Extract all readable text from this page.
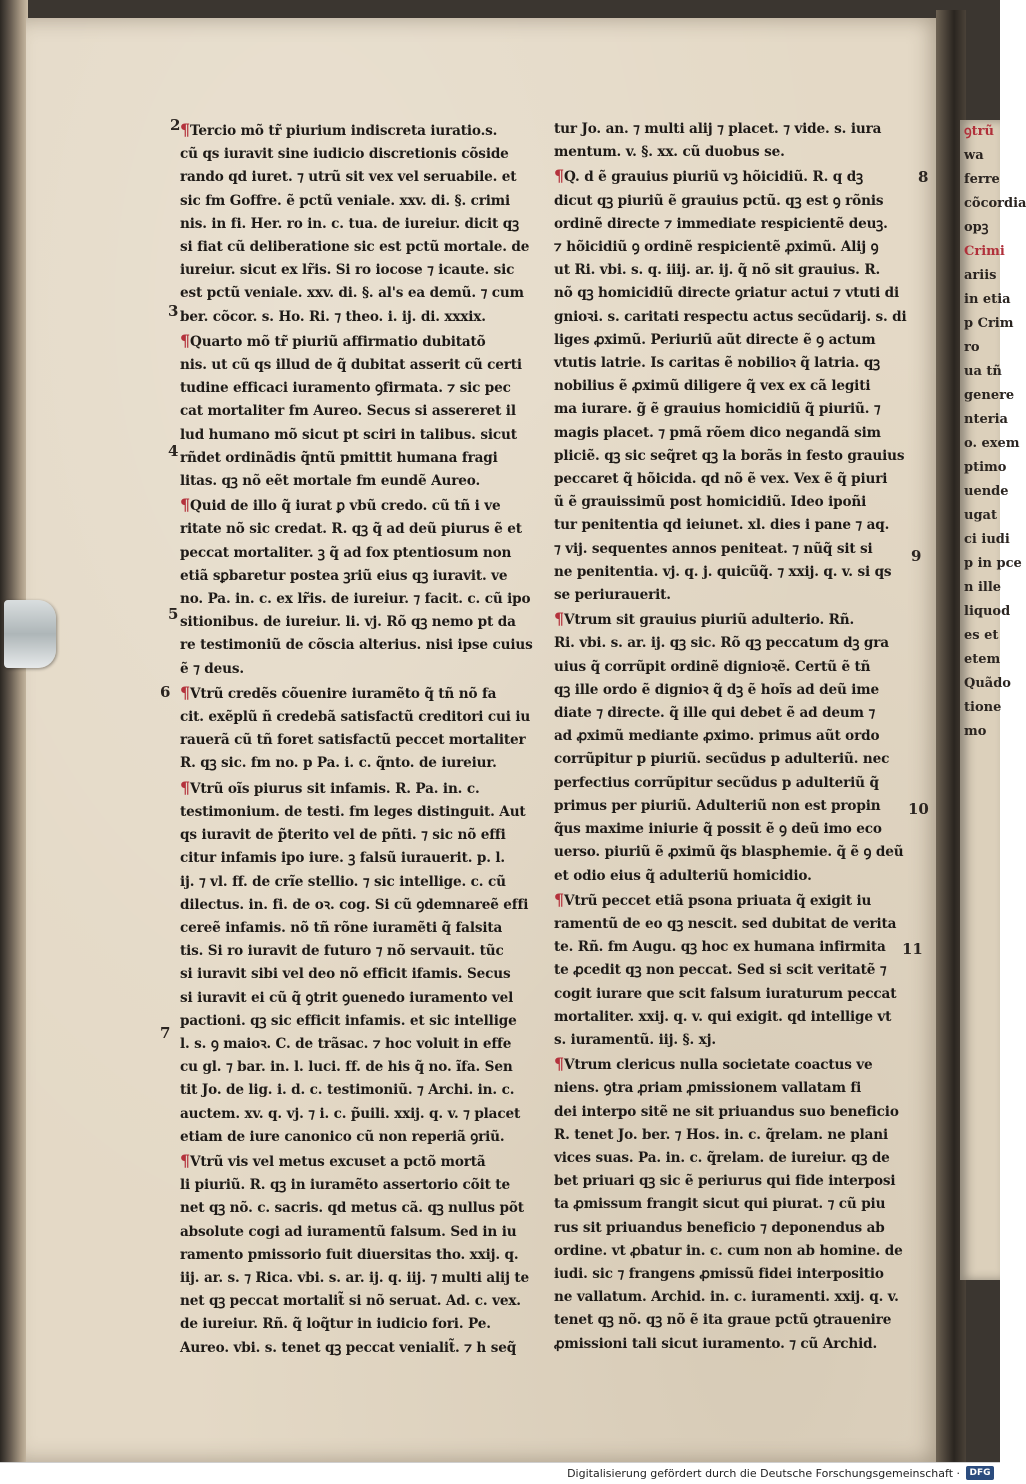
ꝯtrũ
wa
ferre
cõcordia
opꝫ
Crimi
ariis
in etia
p Crim
ro
ua tñ
genere
nteria
o. exem
ptimo
uende
ugat
ci iudi
p in pce
n ille
liquod
es et
etem
Quãdo
tione
mo
¶Tercio mõ tr̃ piurium indiscreta iuratio.s.
cũ qs iuravit sine iudicio discretionis cõside
rando qd iuret. ⁊ utrũ sit vex vel seruabile. et
sic fm Goffre. ẽ pctũ veniale. xxv. di. §. crimi
nis. in fi. Her. ro in. c. tua. de iureiur. dicit qꝫ
si fiat cũ deliberatione sic est pctũ mortale. de
iureiur. sicut ex lr̃is. Si ro iocose ⁊ icaute. sic
est pctũ veniale. xxv. di. §. al's ea demũ. ⁊ cum
ber. cõcor. s. Ho. Ri. ⁊ theo. i. ij. di. xxxix.
¶Quarto mõ tr̃ piuriũ affirmatio dubitatõ
nis. ut cũ qs illud de q̃ dubitat asserit cũ certi
tudine efficaci iuramento ꝯfirmata. ⁊ sic pec
cat mortaliter fm Aureo. Secus si assereret il
lud humano mõ sicut pt sciri in talibus. sicut
rñdet ordinãdis q̃ntũ pmittit humana fragi
litas. qꝫ nõ eẽt mortale fm eundẽ Aureo.
¶Quid de illo q̃ iurat ꝑ vbũ credo. cũ tñ i ve
ritate nõ sic credat. R. qꝫ q̃ ad deũ piurus ẽ et
peccat mortaliter. ꝫ q̃ ad fox ptentiosum non
etiã sꝑbaretur postea ꝫriũ eius qꝫ iuravit. ve
no. Pa. in. c. ex lr̃is. de iureiur. ⁊ facit. c. cũ ipo
sitionibus. de iureiur. li. vj. Rõ qꝫ nemo pt da
re testimoniũ de cõscia alterius. nisi ipse cuius
ẽ ⁊ deus.
¶Vtrũ credẽs cõuenire iuramẽto q̃ tñ nõ fa
cit. exẽplũ ñ credebã satisfactũ creditori cui iu
rauerã cũ tñ foret satisfactũ peccet mortaliter
R. qꝫ sic. fm no. p Pa. i. c. q̃nto. de iureiur.
¶Vtrũ oĩs piurus sit infamis. R. Pa. in. c.
testimonium. de testi. fm leges distinguit. Aut
qs iuravit de p̃terito vel de pñti. ⁊ sic nõ effi
citur infamis ipo iure. ꝫ falsũ iurauerit. p. l.
ij. ⁊ vl. ff. de crĩe stellio. ⁊ sic intellige. c. cũ
dilectus. in. fi. de oꝛ. cog. Si cũ ꝯdemnareẽ effi
cereẽ infamis. nõ tñ rõne iuramẽti q̃ falsita
tis. Si ro iuravit de futuro ⁊ nõ servauit. tũc
si iuravit sibi vel deo nõ efficit ifamis. Secus
si iuravit ei cũ q̃ ꝯtrit ꝯuenedo iuramento vel
pactioni. qꝫ sic efficit infamis. et sic intellige
l. s. ꝯ maioꝛ. C. de trãsac. ⁊ hoc voluit in effe
cu gl. ⁊ bar. in. l. luci. ff. de his q̃ no. ĩfa. Sen
tit Jo. de lig. i. d. c. testimoniũ. ⁊ Archi. in. c.
auctem. xv. q. vj. ⁊ i. c. p̃uili. xxij. q. v. ⁊ placet
etiam de iure canonico cũ non reperiã ꝯriũ.
¶Vtrũ vis vel metus excuset a pctõ mortã
li piuriũ. R. qꝫ in iuramẽto assertorio cõit te
net qꝫ nõ. c. sacris. qd metus cã. qꝫ nullus põt
absolute cogi ad iuramentũ falsum. Sed in iu
ramento pmissorio fuit diuersitas tho. xxij. q.
iij. ar. s. ⁊ Rica. vbi. s. ar. ij. q. iij. ⁊ multi alij te
net qꝫ peccat mortalit̃ si nõ seruat. Ad. c. vex.
de iureiur. Rñ. q̃ loq̃tur in iudicio fori. Pe.
Aureo. vbi. s. tenet qꝫ peccat venialit̃. ⁊ h seq̃
tur Jo. an. ⁊ multi alij ⁊ placet. ⁊ vide. s. iura
mentum. v. §. xx. cũ duobus se.
¶Q. d ẽ grauius piuriũ vꝫ hõicidiũ. R. q dꝫ
dicut qꝫ piuriũ ẽ grauius pctũ. qꝫ est ꝯ rõnis
ordinẽ directe ⁊ immediate respicientẽ deuꝫ.
⁊ hõicidiũ ꝯ ordinẽ respicientẽ ꝓximũ. Alij ꝯ
ut Ri. vbi. s. q. iiij. ar. ij. q̃ nõ sit grauius. R.
nõ qꝫ homicidiũ directe ꝯriatur actui ⁊ vtuti di
gnioꝛi. s. caritati respectu actus secũdarij. s. di
liges ꝓximũ. Periuriũ aũt directe ẽ ꝯ actum
vtutis latrie. Is caritas ẽ nobilioꝛ q̃ latria. qꝫ
nobilius ẽ ꝓximũ diligere q̃ vex ex cã legiti
ma iurare. g̃ ẽ grauius homicidiũ q̃ piuriũ. ⁊
magis placet. ⁊ pmã rõem dico negandã sim
pliciẽ. qꝫ sic seq̃ret qꝫ la borãs in festo grauius
peccaret q̃ hõicida. qd nõ ẽ vex. Vex ẽ q̃ piuri
ũ ẽ grauissimũ post homicidiũ. Ideo ipoñi
tur penitentia qd ieiunet. xl. dies i pane ⁊ aq.
⁊ vij. sequentes annos peniteat. ⁊ nũq̃ sit si
ne penitentia. vj. q. j. quicũq̃. ⁊ xxij. q. v. si qs
se periurauerit.
¶Vtrum sit grauius piuriũ adulterio. Rñ.
Ri. vbi. s. ar. ij. qꝫ sic. Rõ qꝫ peccatum dꝫ gra
uius q̃ corrũpit ordinẽ dignioꝛẽ. Certũ ẽ tñ
qꝫ ille ordo ẽ dignioꝛ q̃ dꝫ ẽ hoĩs ad deũ ime
diate ⁊ directe. q̃ ille qui debet ẽ ad deum ⁊
ad ꝓximũ mediante ꝓximo. primus aũt ordo
corrũpitur p piuriũ. secũdus p adulteriũ. nec
perfectius corrũpitur secũdus p adulteriũ q̃
primus per piuriũ. Adulteriũ non est propin
q̃us maxime iniurie q̃ possit ẽ ꝯ deũ imo eco
uerso. piuriũ ẽ ꝓximũ q̃s blasphemie. q̃ ẽ ꝯ deũ
et odio eius q̃ adulteriũ homicidio.
¶Vtrũ peccet etiã psona priuata q̃ exigit iu
ramentũ de eo qꝫ nescit. sed dubitat de verita
te. Rñ. fm Augu. qꝫ hoc ex humana infirmita
te ꝓcedit qꝫ non peccat. Sed si scit veritatẽ ⁊
cogit iurare que scit falsum iuraturum peccat
mortaliter. xxij. q. v. qui exigit. qd intellige vt
s. iuramentũ. iij. §. xj.
¶Vtrum clericus nulla societate coactus ve
niens. ꝯtra ꝓriam ꝓmissionem vallatam fi
dei interpo sitẽ ne sit priuandus suo beneficio
R. tenet Jo. ber. ⁊ Hos. in. c. q̃relam. ne plani
vices suas. Pa. in. c. q̃relam. de iureiur. qꝫ de
bet priuari qꝫ sic ẽ periurus qui fide interposi
ta ꝓmissum frangit sicut qui piurat. ⁊ cũ piu
rus sit priuandus beneficio ⁊ deponendus ab
ordine. vt ꝓbatur in. c. cum non ab homine. de
iudi. sic ⁊ frangens ꝓmissũ fidei interpositio
ne vallatum. Archid. in. c. iuramenti. xxij. q. v.
tenet qꝫ nõ. qꝫ nõ ẽ ita graue pctũ ꝯtrauenire
ꝓmissioni tali sicut iuramento. ⁊ cũ Archid.
2
3
4
5
6
7
8
9
10
11
Digitalisierung gefördert durch die Deutsche Forschungsgemeinschaft ·	DFG
